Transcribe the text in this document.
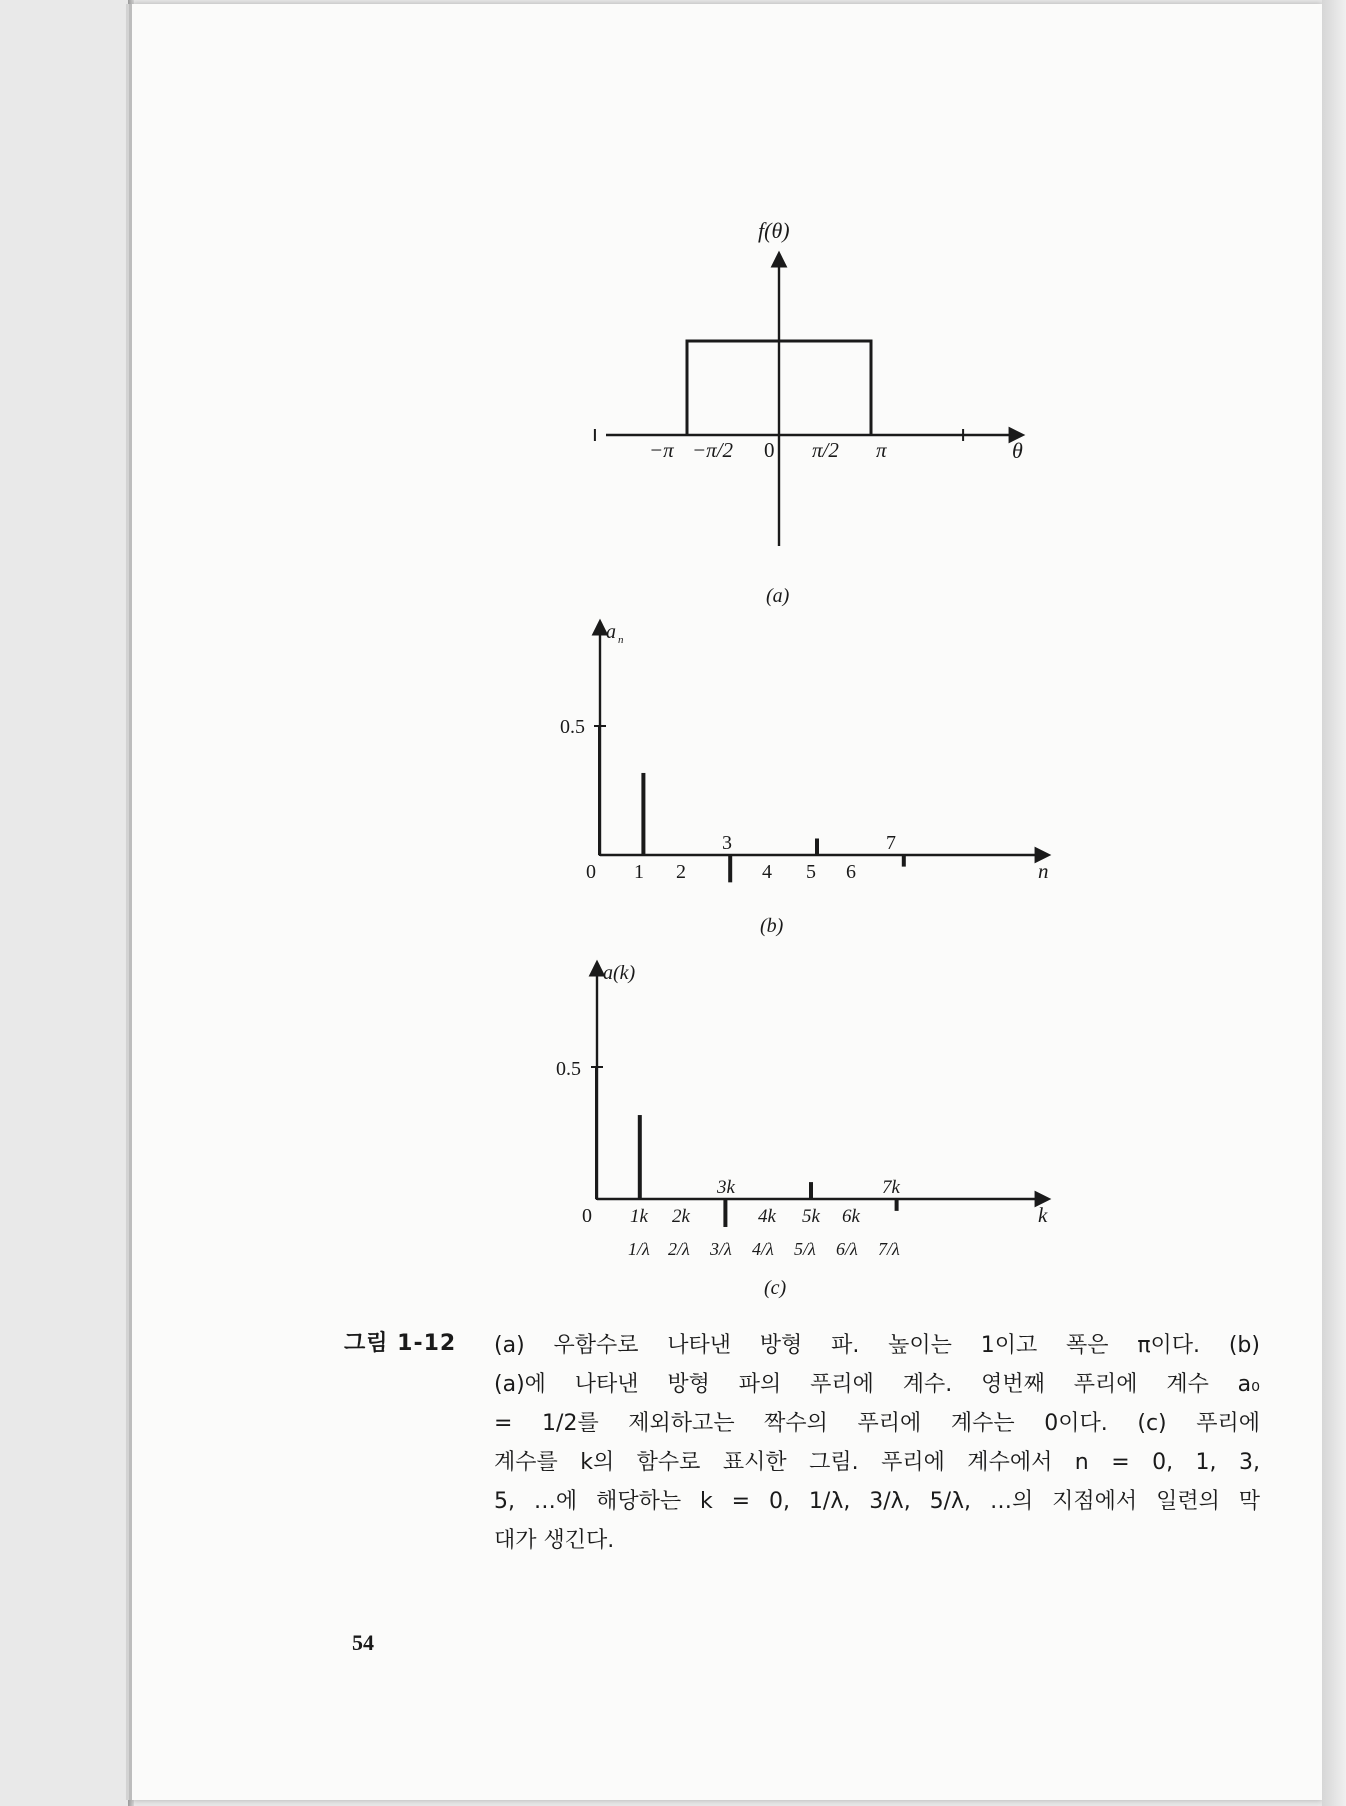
f(θ)
θ
−π −π/2 0 π/2 π
(a)
a n
0.5
n
0 1 2
3
4 5 6
7
(b)
a(k)
0.5
k
0 1k 2k
3k
4k 5k 6k
7k
1/λ 2/λ 3/λ 4/λ 5/λ 6/λ 7/λ
(c)
그림 1-12 (a) 우함수로 나타낸 방형 파. 높이는 1이고 폭은 π이다. (b)
(a)에 나타낸 방형 파의 푸리에 계수. 영번째 푸리에 계수 a₀
= 1/2를 제외하고는 짝수의 푸리에 계수는 0이다. (c) 푸리에
계수를 k의 함수로 표시한 그림. 푸리에 계수에서 n = 0, 1, 3,
5, …에 해당하는 k = 0, 1/λ, 3/λ, 5/λ, …의 지점에서 일련의 막
대가 생긴다.
54
